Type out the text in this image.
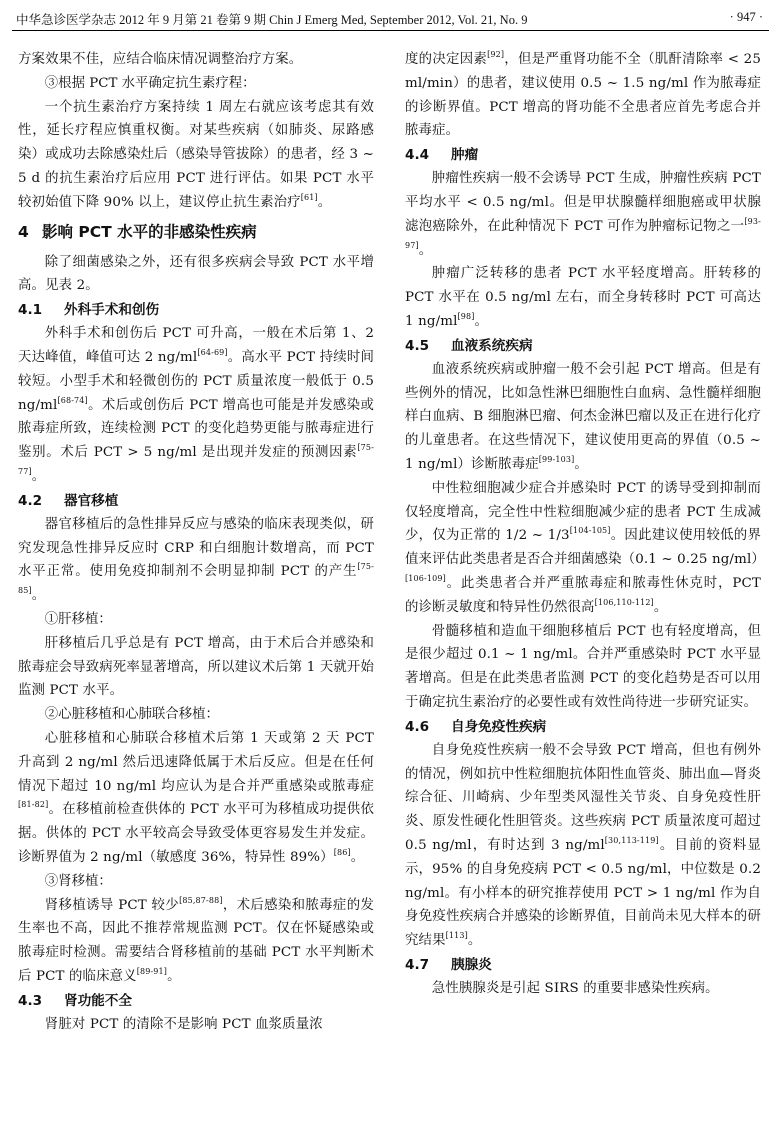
中华急诊医学杂志 2012 年 9 月第 21 卷第 9 期 Chin J Emerg Med, September 2012, Vol. 21, No. 9	· 947 ·

方案效果不佳，应结合临床情况调整治疗方案。

③根据 PCT 水平确定抗生素疗程：

一个抗生素治疗方案持续 1 周左右就应该考虑其有效性，延长疗程应慎重权衡。对某些疾病（如肺炎、尿路感染）或成功去除感染灶后（感染导管拔除）的患者，经 3 ~ 5 d 的抗生素治疗后应用 PCT 进行评估。如果 PCT 水平较初始值下降 90% 以上，建议停止抗生素治疗[61]。

4 影响 PCT 水平的非感染性疾病

除了细菌感染之外，还有很多疾病会导致 PCT 水平增高。见表 2。

4.1 外科手术和创伤

外科手术和创伤后 PCT 可升高，一般在术后第 1、2 天达峰值，峰值可达 2 ng/ml[64-69]。高水平 PCT 持续时间较短。小型手术和轻微创伤的 PCT 质量浓度一般低于 0.5 ng/ml[68-74]。术后或创伤后 PCT 增高也可能是并发感染或脓毒症所致，连续检测 PCT 的变化趋势更能与脓毒症进行鉴别。术后 PCT > 5 ng/ml 是出现并发症的预测因素[75-77]。

4.2 器官移植

器官移植后的急性排异反应与感染的临床表现类似，研究发现急性排异反应时 CRP 和白细胞计数增高，而 PCT 水平正常。使用免疫抑制剂不会明显抑制 PCT 的产生[75-85]。

①肝移植：

肝移植后几乎总是有 PCT 增高，由于术后合并感染和脓毒症会导致病死率显著增高，所以建议术后第 1 天就开始监测 PCT 水平。

②心脏移植和心肺联合移植：

心脏移植和心肺联合移植术后第 1 天或第 2 天 PCT 升高到 2 ng/ml 然后迅速降低属于术后反应。但是在任何情况下超过 10 ng/ml 均应认为是合并严重感染或脓毒症[81-82]。在移植前检查供体的 PCT 水平可为移植成功提供依据。供体的 PCT 水平较高会导致受体更容易发生并发症。诊断界值为 2 ng/ml（敏感度 36%，特异性 89%）[86]。

③肾移植：

肾移植诱导 PCT 较少[85,87-88]，术后感染和脓毒症的发生率也不高，因此不推荐常规监测 PCT。仅在怀疑感染或脓毒症时检测。需要结合肾移植前的基础 PCT 水平判断术后 PCT 的临床意义[89-91]。

4.3 肾功能不全

肾脏对 PCT 的清除不是影响 PCT 血浆质量浓

度的决定因素[92]，但是严重肾功能不全（肌酐清除率 < 25 ml/min）的患者，建议使用 0.5 ~ 1.5 ng/ml 作为脓毒症的诊断界值。PCT 增高的肾功能不全患者应首先考虑合并脓毒症。

4.4 肿瘤

肿瘤性疾病一般不会诱导 PCT 生成，肿瘤性疾病 PCT 平均水平 < 0.5 ng/ml。但是甲状腺髓样细胞癌或甲状腺滤泡癌除外，在此种情况下 PCT 可作为肿瘤标记物之一[93-97]。

肿瘤广泛转移的患者 PCT 水平轻度增高。肝转移的 PCT 水平在 0.5 ng/ml 左右，而全身转移时 PCT 可高达 1 ng/ml[98]。

4.5 血液系统疾病

血液系统疾病或肿瘤一般不会引起 PCT 增高。但是有些例外的情况，比如急性淋巴细胞性白血病、急性髓样细胞样白血病、B 细胞淋巴瘤、何杰金淋巴瘤以及正在进行化疗的儿童患者。在这些情况下，建议使用更高的界值（0.5 ~ 1 ng/ml）诊断脓毒症[99-103]。

中性粒细胞减少症合并感染时 PCT 的诱导受到抑制而仅轻度增高，完全性中性粒细胞减少症的患者 PCT 生成减少，仅为正常的 1/2 ~ 1/3[104-105]。因此建议使用较低的界值来评估此类患者是否合并细菌感染（0.1 ~ 0.25 ng/ml）[106-109]。此类患者合并严重脓毒症和脓毒性休克时，PCT 的诊断灵敏度和特异性仍然很高[106,110-112]。

骨髓移植和造血干细胞移植后 PCT 也有轻度增高，但是很少超过 0.1 ~ 1 ng/ml。合并严重感染时 PCT 水平显著增高。但是在此类患者监测 PCT 的变化趋势是否可以用于确定抗生素治疗的必要性或有效性尚待进一步研究证实。

4.6 自身免疫性疾病

自身免疫性疾病一般不会导致 PCT 增高，但也有例外的情况，例如抗中性粒细胞抗体阳性血管炎、肺出血—肾炎综合征、川崎病、少年型类风湿性关节炎、自身免疫性肝炎、原发性硬化性胆管炎。这些疾病 PCT 质量浓度可超过 0.5 ng/ml，有时达到 3 ng/ml[30,113-119]。目前的资料显示，95% 的自身免疫病 PCT < 0.5 ng/ml，中位数是 0.2 ng/ml。有小样本的研究推荐使用 PCT > 1 ng/ml 作为自身免疫性疾病合并感染的诊断界值，目前尚未见大样本的研究结果[113]。

4.7 胰腺炎

急性胰腺炎是引起 SIRS 的重要非感染性疾病。
